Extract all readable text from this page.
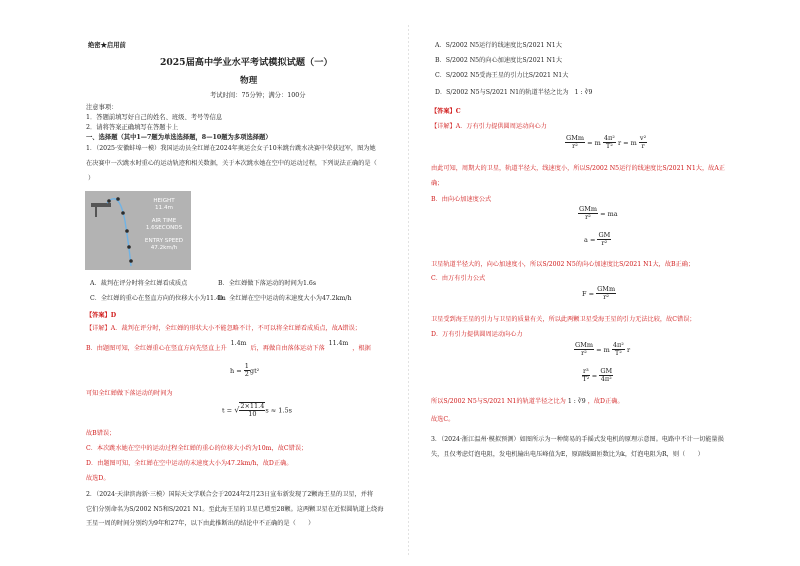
绝密★启用前
2025届高中学业水平考试模拟试题（一）
物理
考试时间：75分钟；满分：100分
注意事项：
1．答题前填写好自己的姓名、班级、考号等信息
2．请将答案正确填写在答题卡上
一、选择题（其中1—7题为单选选择题，8—10题为多项选择题）
1．（2025·安徽蚌埠一模）我国运动员全红婵在2024年奥运会女子10米跳台跳水决赛中荣获冠军，图为她
在决赛中一次跳水时重心的运动轨迹和相关数据，关于本次跳水她在空中的运动过程，下列说法正确的是（
）
HEIGHT
11.4m
AIR TIME
1.6SECONDS
ENTRY SPEED
47.2km/h
A．裁判在评分时将全红婵看成质点	B．全红婵做下落运动的时间为1.6s
C．全红婵的重心在竖直方向的位移大小为11.4m
D．全红婵在空中运动的末速度大小为47.2km/h
【答案】D
【详解】A．裁判在评分时，全红婵的形状大小不能忽略不计，不可以将全红婵看成质点，故A错误；
B．由题图可知，全红婵重心在竖直方向先竖直上升1.4m后，再做自由落体运动下落11.4m，根据
$h = \frac{1}{2} gt^2$
可知全红婵做下落运动的时间为
t = √ $\frac{2\times 11.4}{10}$ s ≈ 1.5s
故B错误；
C．本次跳水她在空中的运动过程全红婵的重心的位移大小约为10m，故C错误；
D．由题图可知，全红婵在空中运动的末速度大小为47.2km/h，故D正确。
故选D。
2．（2024·天津滨海新·三模）国际天文学联合会于2024年2月23日宣布新发现了2颗海王星的卫星，并将
它们分别命名为S/2002 N5和S/2021 N1。至此海王星的卫星已增至28颗。这两颗卫星在近似圆轨道上绕海
王星一周的时间分别约为9年和27年，以下由此推断出的结论中不正确的是（　　）
A．S/2002 N5运行的线速度比S/2021 N1大
B．S/2002 N5的向心加速度比S/2021 N1大
C．S/2002 N5受海王星的引力比S/2021 N1大
D．S/2002 N5与S/2021 N1的轨道半径之比为 1 : ∛9
【答案】C
【详解】A．万有引力提供圆周运动向心力
$\frac{\text{GMm}}{\text{r²}} = m \frac{\text{4π²}}{\text{T²}}$ r = m $\frac{\text{v²}}{r}$
由此可知，周期大的卫星，轨道半径大，线速度小，所以S/2002 N5运行的线速度比S/2021 N1大，故A正
确；
B．由向心加速度公式
$\frac{\text{GMm}}{\text{r²}}$ = ma
$a = \frac{GM}{\text{r²}}$
卫星轨道半径大的，向心加速度小，所以S/2002 N5的向心加速度比S/2021 N1大，故B正确；
C．由万有引力公式
$F = \frac{\text{GMm}}{\text{r²}}$
卫星受到海王星的引力与卫星的质量有关，所以此两颗卫星受海王星的引力无法比较，故C错误；
D．万有引力提供圆周运动向心力
$\frac{\text{GMm}}{\text{r²}} = m \frac{\text{4π²}}{\text{T²}}$ r
$\frac{\text{r³}}{\text{T²}} = \frac{GM}{\text{4π²}}$
所以S/2002 N5与S/2021 N1的轨道半径之比为 1 : ∛9 ，故D正确。
故选C。
3．（2024·浙江温州·模拟预测）如图所示为一种简易的手摇式发电机的原理示意图。电路中不计一切能量损
失，且仅考虑灯泡电阻，发电机输出电压峰值为E，原副线圈匝数比为k，灯泡电阻为R，则（　　）
